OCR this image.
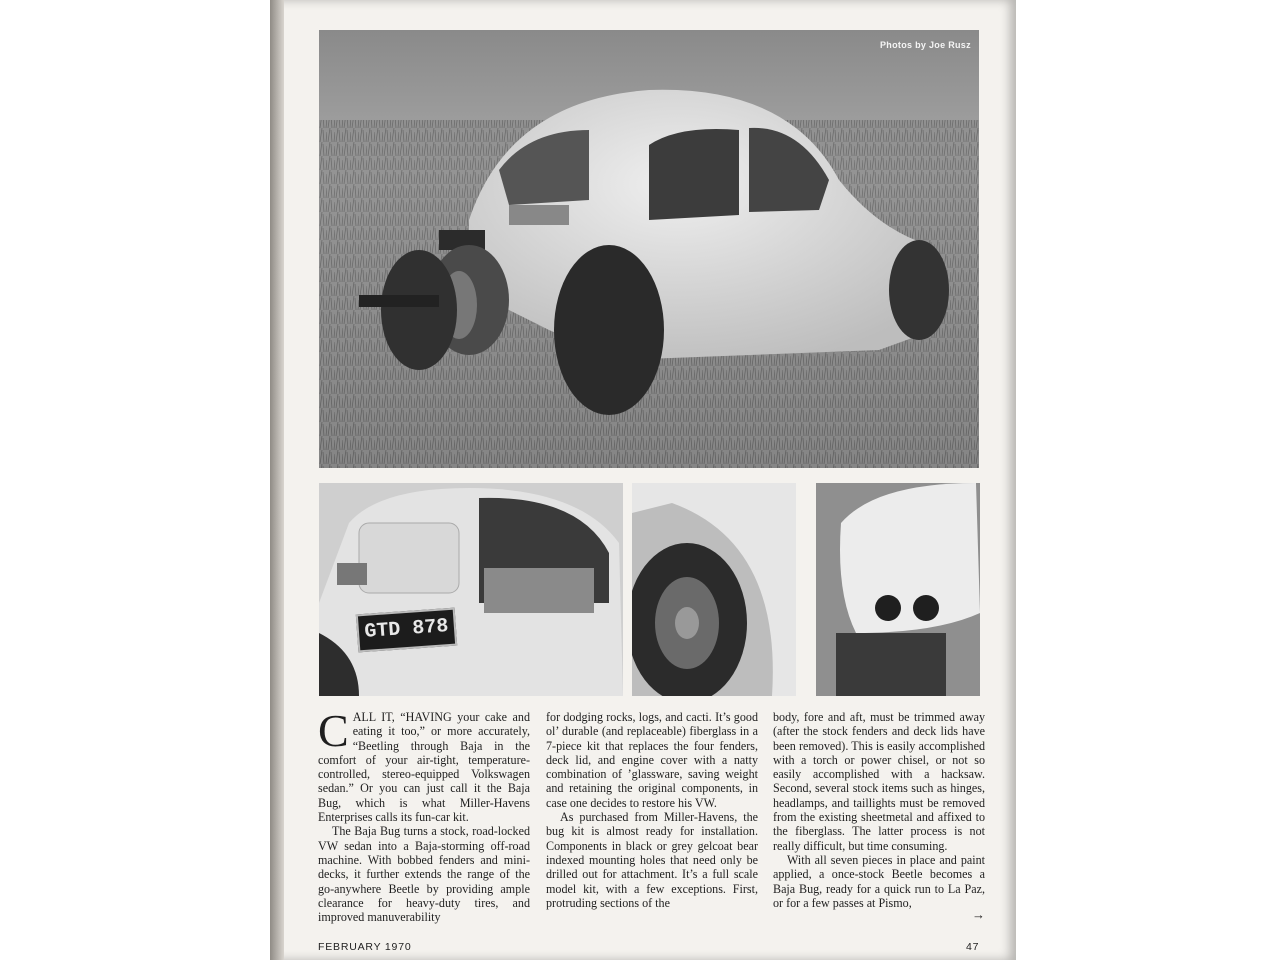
Photos by Joe Rusz
GTD 878

CALL IT, “HAVING your cake and eating it too,” or more accurately, “Beetling through Baja in the comfort of your air-tight, temperature-controlled, stereo-equipped Volkswagen sedan.” Or you can just call it the Baja Bug, which is what Miller-Havens Enterprises calls its fun-car kit.

The Baja Bug turns a stock, road-locked VW sedan into a Baja-storming off-road machine. With bobbed fenders and mini-decks, it further extends the range of the go-anywhere Beetle by providing ample clearance for heavy-duty tires, and improved manuverability

for dodging rocks, logs, and cacti. It’s good ol’ durable (and replaceable) fiberglass in a 7-piece kit that replaces the four fenders, deck lid, and engine cover with a natty combination of ’glassware, saving weight and retaining the original components, in case one decides to restore his VW.

As purchased from Miller-Havens, the bug kit is almost ready for installation. Components in black or grey gelcoat bear indexed mounting holes that need only be drilled out for attachment. It’s a full scale model kit, with a few exceptions. First, protruding sections of the

body, fore and aft, must be trimmed away (after the stock fenders and deck lids have been removed). This is easily accomplished with a torch or power chisel, or not so easily accomplished with a hacksaw. Second, several stock items such as hinges, headlamps, and taillights must be removed from the existing sheetmetal and affixed to the fiberglass. The latter process is not really difficult, but time consuming.

With all seven pieces in place and paint applied, a once-stock Beetle becomes a Baja Bug, ready for a quick run to La Paz, or for a few passes at Pismo,

→
FEBRUARY 1970	47
